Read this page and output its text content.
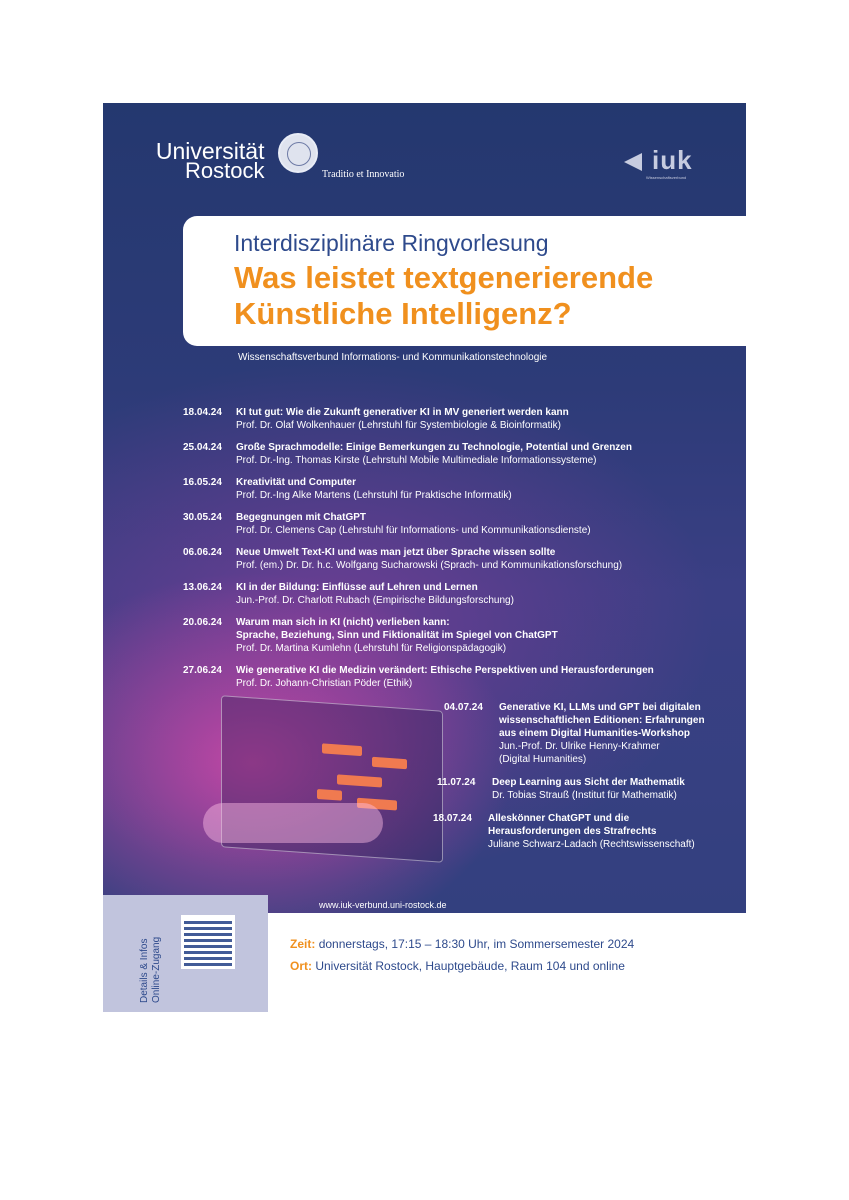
Universität
Rostock	Traditio et Innovatio	iuk
Wissenschaftsverbund
Interdisziplinäre Ringvorlesung
Was leistet textgenerierende
Künstliche Intelligenz?
Wissenschaftsverbund Informations- und Kommunikationstechnologie
18.04.24 KI tut gut: Wie die Zukunft generativer KI in MV generiert werden kann
Prof. Dr. Olaf Wolkenhauer (Lehrstuhl für Systembiologie & Bioinformatik)
25.04.24 Große Sprachmodelle: Einige Bemerkungen zu Technologie, Potential und Grenzen
Prof. Dr.-Ing. Thomas Kirste (Lehrstuhl Mobile Multimediale Informationssysteme)
16.05.24 Kreativität und Computer
Prof. Dr.-Ing Alke Martens (Lehrstuhl für Praktische Informatik)
30.05.24 Begegnungen mit ChatGPT
Prof. Dr. Clemens Cap (Lehrstuhl für Informations- und Kommunikationsdienste)
06.06.24 Neue Umwelt Text-KI und was man jetzt über Sprache wissen sollte
Prof. (em.) Dr. Dr. h.c. Wolfgang Sucharowski (Sprach- und Kommunikationsforschung)
13.06.24 KI in der Bildung: Einflüsse auf Lehren und Lernen
Jun.-Prof. Dr. Charlott Rubach (Empirische Bildungsforschung)
20.06.24 Warum man sich in KI (nicht) verlieben kann:
Sprache, Beziehung, Sinn und Fiktionalität im Spiegel von ChatGPT
Prof. Dr. Martina Kumlehn (Lehrstuhl für Religionspädagogik)
27.06.24 Wie generative KI die Medizin verändert: Ethische Perspektiven und Herausforderungen
Prof. Dr. Johann-Christian Pöder (Ethik)
04.07.24 Generative KI, LLMs und GPT bei digitalen
wissenschaftlichen Editionen: Erfahrungen
aus einem Digital Humanities-Workshop
Jun.-Prof. Dr. Ulrike Henny-Krahmer
(Digital Humanities)
11.07.24 Deep Learning aus Sicht der Mathematik
Dr. Tobias Strauß (Institut für Mathematik)
18.07.24 Alleskönner ChatGPT und die
Herausforderungen des Strafrechts
Juliane Schwarz-Ladach (Rechtswissenschaft)
www.iuk-verbund.uni-rostock.de
Details & Infos Online-Zugang	Zeit: donnerstags, 17:15 – 18:30 Uhr, im Sommersemester 2024
Ort: Universität Rostock, Hauptgebäude, Raum 104 und online
